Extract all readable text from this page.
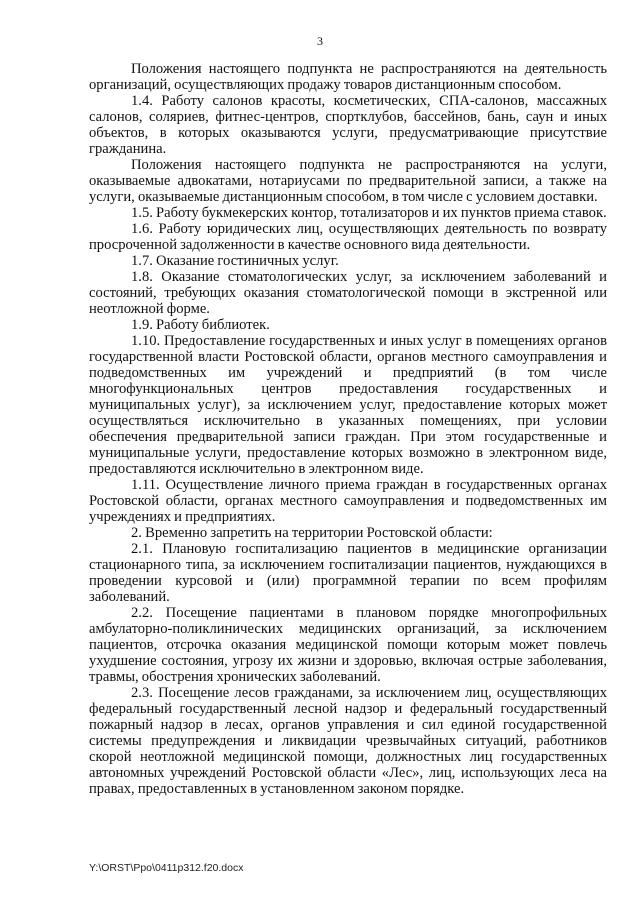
3

Положения настоящего подпункта не распространяются на деятельность организаций, осуществляющих продажу товаров дистанционным способом.

1.4. Работу салонов красоты, косметических, СПА-салонов, массажных салонов, соляриев, фитнес-центров, спортклубов, бассейнов, бань, саун и иных объектов, в которых оказываются услуги, предусматривающие присутствие гражданина.

Положения настоящего подпункта не распространяются на услуги, оказываемые адвокатами, нотариусами по предварительной записи, а также на услуги, оказываемые дистанционным способом, в том числе с условием доставки.

1.5. Работу букмекерских контор, тотализаторов и их пунктов приема ставок.

1.6. Работу юридических лиц, осуществляющих деятельность по возврату просроченной задолженности в качестве основного вида деятельности.

1.7. Оказание гостиничных услуг.

1.8. Оказание стоматологических услуг, за исключением заболеваний и состояний, требующих оказания стоматологической помощи в экстренной или неотложной форме.

1.9. Работу библиотек.

1.10. Предоставление государственных и иных услуг в помещениях органов государственной власти Ростовской области, органов местного самоуправления и подведомственных им учреждений и предприятий (в том числе многофункциональных центров предоставления государственных и муниципальных услуг), за исключением услуг, предоставление которых может осуществляться исключительно в указанных помещениях, при условии обеспечения предварительной записи граждан. При этом государственные и муниципальные услуги, предоставление которых возможно в электронном виде, предоставляются исключительно в электронном виде.

1.11. Осуществление личного приема граждан в государственных органах Ростовской области, органах местного самоуправления и подведомственных им учреждениях и предприятиях.

2. Временно запретить на территории Ростовской области:

2.1. Плановую госпитализацию пациентов в медицинские организации стационарного типа, за исключением госпитализации пациентов, нуждающихся в проведении курсовой и (или) программной терапии по всем профилям заболеваний.

2.2. Посещение пациентами в плановом порядке многопрофильных амбулаторно-поликлинических медицинских организаций, за исключением пациентов, отсрочка оказания медицинской помощи которым может повлечь ухудшение состояния, угрозу их жизни и здоровью, включая острые заболевания, травмы, обострения хронических заболеваний.

2.3. Посещение лесов гражданами, за исключением лиц, осуществляющих федеральный государственный лесной надзор и федеральный государственный пожарный надзор в лесах, органов управления и сил единой государственной системы предупреждения и ликвидации чрезвычайных ситуаций, работников скорой неотложной медицинской помощи, должностных лиц государственных автономных учреждений Ростовской области «Лес», лиц, использующих леса на правах, предоставленных в установленном законом порядке.

Y:\ORST\Ppo\0411p312.f20.docx
